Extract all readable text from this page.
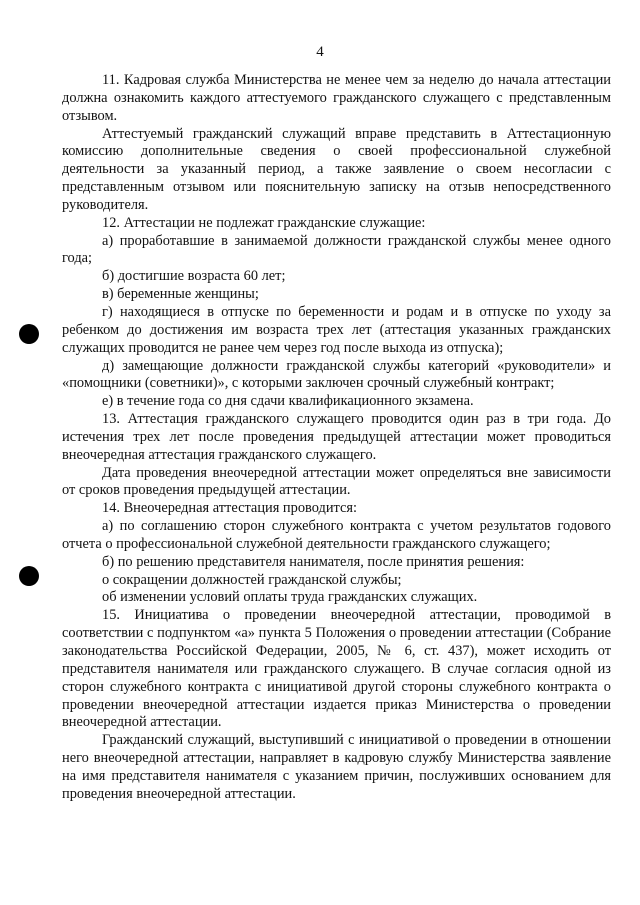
4

11. Кадровая служба Министерства не менее чем за неделю до начала аттестации должна ознакомить каждого аттестуемого гражданского служащего с представленным отзывом.

Аттестуемый гражданский служащий вправе представить в Аттестационную комиссию дополнительные сведения о своей профессиональной служебной деятельности за указанный период, а также заявление о своем несогласии с представленным отзывом или пояснительную записку на отзыв непосредственного руководителя.

12. Аттестации не подлежат гражданские служащие:

а) проработавшие в занимаемой должности гражданской службы менее одного года;

б) достигшие возраста 60 лет;

в) беременные женщины;

г) находящиеся в отпуске по беременности и родам и в отпуске по уходу за ребенком до достижения им возраста трех лет (аттестация указанных гражданских служащих проводится не ранее чем через год после выхода из отпуска);

д) замещающие должности гражданской службы категорий «руководители» и «помощники (советники)», с которыми заключен срочный служебный контракт;

е) в течение года со дня сдачи квалификационного экзамена.

13. Аттестация гражданского служащего проводится один раз в три года. До истечения трех лет после проведения предыдущей аттестации может проводиться внеочередная аттестация гражданского служащего.

Дата проведения внеочередной аттестации может определяться вне зависимости от сроков проведения предыдущей аттестации.

14. Внеочередная аттестация проводится:

а) по соглашению сторон служебного контракта с учетом результатов годового отчета о профессиональной служебной деятельности гражданского служащего;

б) по решению представителя нанимателя, после принятия решения:

о сокращении должностей гражданской службы;

об изменении условий оплаты труда гражданских служащих.

15. Инициатива о проведении внеочередной аттестации, проводимой в соответствии с подпунктом «а» пункта 5 Положения о проведении аттестации (Собрание законодательства Российской Федерации, 2005, № 6, ст. 437), может исходить от представителя нанимателя или гражданского служащего. В случае согласия одной из сторон служебного контракта с инициативой другой стороны служебного контракта о проведении внеочередной аттестации издается приказ Министерства о проведении внеочередной аттестации.

Гражданский служащий, выступивший с инициативой о проведении в отношении него внеочередной аттестации, направляет в кадровую службу Министерства заявление на имя представителя нанимателя с указанием причин, послуживших основанием для проведения внеочередной аттестации.
